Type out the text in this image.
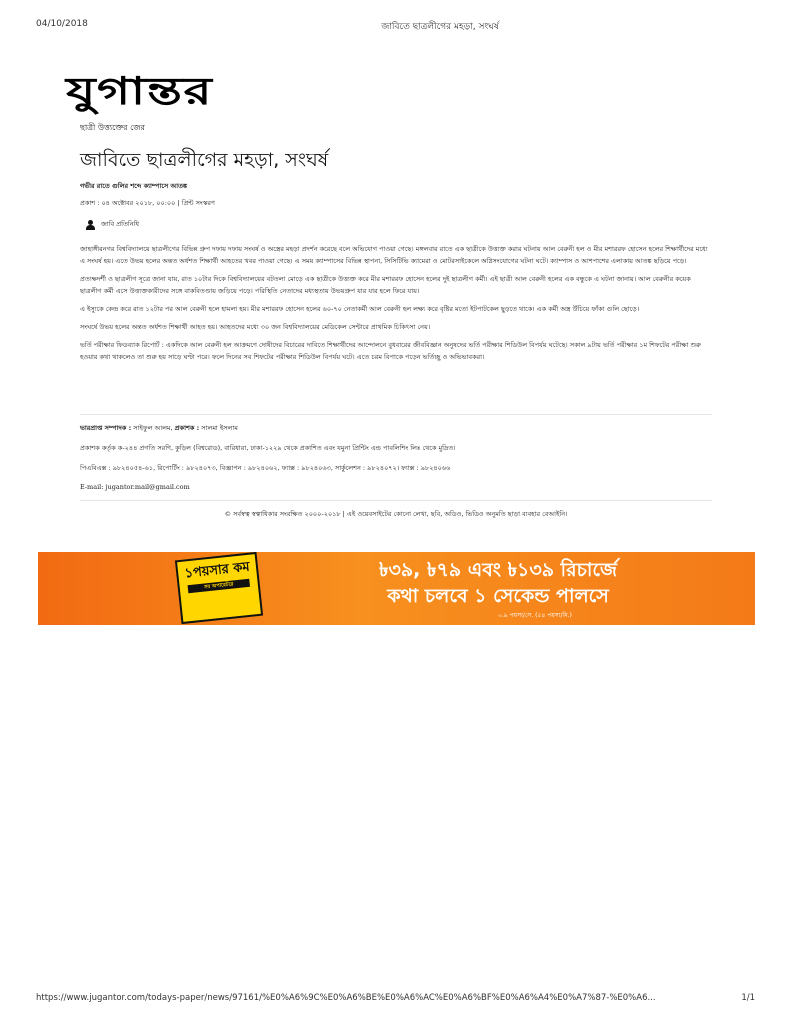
04/10/2018	জাবিতে ছাত্রলীগের মহড়া, সংঘর্ষ
যুগান্তর
ছাত্রী উত্ত্যক্তের জের
জাবিতে ছাত্রলীগের মহড়া, সংঘর্ষ
গভীর রাতে গুলির শব্দে ক্যাম্পাসে আতঙ্ক
প্রকাশ : ০৪ অক্টোবর ২০১৮, ০০:০০ | প্রিন্ট সংস্করণ
জাবি প্রতিনিধি

জাহাঙ্গীরনগর বিশ্ববিদ্যালয়ে ছাত্রলীগের বিভিন্ন গ্রুপ দফায় দফায় সংঘর্ষ ও অস্ত্রের মহড়া প্রদর্শন করেছে বলে অভিযোগ পাওয়া গেছে। মঙ্গলবার রাতে এক ছাত্রীকে উত্ত্যক্ত করার ঘটনায় আল বেরুনী হল ও মীর মশাররফ হোসেন হলের শিক্ষার্থীদের মধ্যে এ সংঘর্ষ হয়। এতে উভয় হলের অন্তত অর্ধশত শিক্ষার্থী আহতের খবর পাওয়া গেছে। এ সময় ক্যাম্পাসের বিভিন্ন স্থাপনা, সিসিটিভি ক্যামেরা ও মোটরসাইকেলে অগ্নিসংযোগের ঘটনা ঘটে। ক্যাম্পাস ও আশপাশের এলাকায় আতঙ্ক ছড়িয়ে পড়ে।

প্রত্যক্ষদর্শী ও ছাত্রলীগ সূত্রে জানা যায়, রাত ১০টার দিকে বিশ্ববিদ্যালয়ের বটতলা মোড়ে এক ছাত্রীকে উত্ত্যক্ত করে মীর মশাররফ হোসেন হলের দুই ছাত্রলীগ কর্মী। এই ছাত্রী আল বেরুনী হলের এক বন্ধুকে এ ঘটনা জানায়। আল বেরুনীর কয়েক ছাত্রলীগ কর্মী এসে উত্ত্যক্তকারীদের সঙ্গে বাকবিতণ্ডায় জড়িয়ে পড়ে। পরিস্থিতি নেতাদের মধ্যস্থতায় উভয়গ্রুপ যার যার হলে ফিরে যায়।

এ ইস্যুকে কেন্দ্র করে রাত ১২টার পর আল বেরুনী হলে হামলা হয়। মীর মশাররফ হোসেন হলের ৬০-৭০ নেতাকর্মী আল বেরুনী হল লক্ষ্য করে বৃষ্টির মতো ইটপাটকেল ছুড়তে থাকে। এক কর্মী অস্ত্র উঁচিয়ে ফাঁকা গুলি ছোড়ে।

সংঘর্ষে উভয় হলের অন্তত অর্ধশত শিক্ষার্থী আহত হয়। আহতদের মধ্যে ৩০ জন বিশ্ববিদ্যালয়ের মেডিকেল সেন্টারে প্রাথমিক চিকিৎসা নেয়।

ভর্তি পরীক্ষার ফিডব্যাক রিপোর্ট : একদিকে আল বেরুনী হল আক্রমণে দোষীদের বিচারের দাবিতে শিক্ষার্থীদের আন্দোলনে বুধবারের জীববিজ্ঞান অনুষদের ভর্তি পরীক্ষার শিডিউল বিপর্যয় ঘটেছে। সকাল ৯টায় ভর্তি পরীক্ষার ১ম শিফটের পরীক্ষা শুরু হওয়ার কথা থাকলেও তা শুরু হয় সাড়ে ঘণ্টা পরে। ফলে দিনের সব শিফটের পরীক্ষার শিডিউল বিপর্যয় ঘটে। এতে চরম বিপাকে পড়েন ভর্তিচ্ছু ও অভিভাবকরা।

ভারপ্রাপ্ত সম্পাদক : সাইফুল আলম, প্রকাশক : সালমা ইসলাম
প্রকাশক কর্তৃক ক-২৪৪ প্রগতি সরণি, কুড়িল (বিশ্বরোড), বারিধারা, ঢাকা-১২২৯ থেকে প্রকাশিত এবং যমুনা প্রিন্টিং এন্ড পাবলিশিং লিঃ থেকে মুদ্রিত।
পিএবিএক্স : ৯৮২৪০৫৪-৬১, রিপোর্টিং : ৯৮২৪০৭৩, বিজ্ঞাপন : ৯৮২৪০৬২, ফ্যাক্স : ৯৮২৪০৬৩, সার্কুলেশন : ৯৮২৪০৭২। ফ্যাক্স : ৯৮২৪০৬৬
E-mail: jugantor.mail@gmail.com
© সর্বস্বত্ব স্বত্বাধিকার সংরক্ষিত ২০০০-২০১৮ | এই ওয়েবসাইটের কোনো লেখা, ছবি, অডিও, ভিডিও অনুমতি ছাড়া ব্যবহার বেআইনি।
১পয়সার কম
সব অপারেটরে
৳৩৯, ৳৭৯ এবং ৳১৩৯ রিচার্জে
কথা চলবে ১ সেকেন্ড পালসে
০.৯ পয়সা/সে. (৫৪ পয়সা/মি.)
https://www.jugantor.com/todays-paper/news/97161/%E0%A6%9C%E0%A6%BE%E0%A6%AC%E0%A6%BF%E0%A6%A4%E0%A7%87-%E0%A6...	1/1
